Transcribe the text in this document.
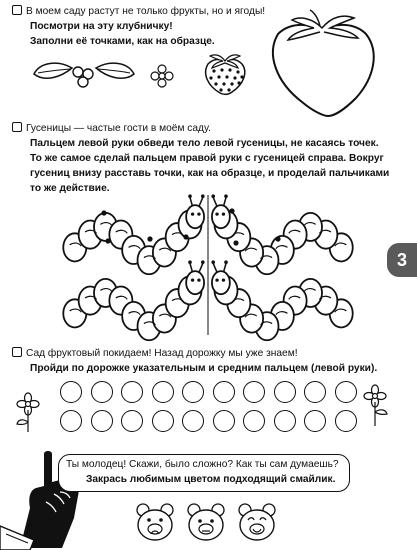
В моем саду растут не только фрукты, но и ягоды!
Посмотри на эту клубничку!
Заполни её точками, как на образце.
Гусеницы — частые гости в моём саду.
Пальцем левой руки обведи тело левой гусеницы, не касаясь точек.
То же самое сделай пальцем правой руки с гусеницей справа. Вокруг
гусениц внизу расставь точки, как на образце, и проделай пальчиками
то же действие.
3
Сад фруктовый покидаем! Назад дорожку мы уже знаем!
Пройди по дорожке указательным и средним пальцем (левой руки).
Ты молодец! Скажи, было сложно? Как ты сам думаешь?
Закрась любимым цветом подходящий смайлик.
